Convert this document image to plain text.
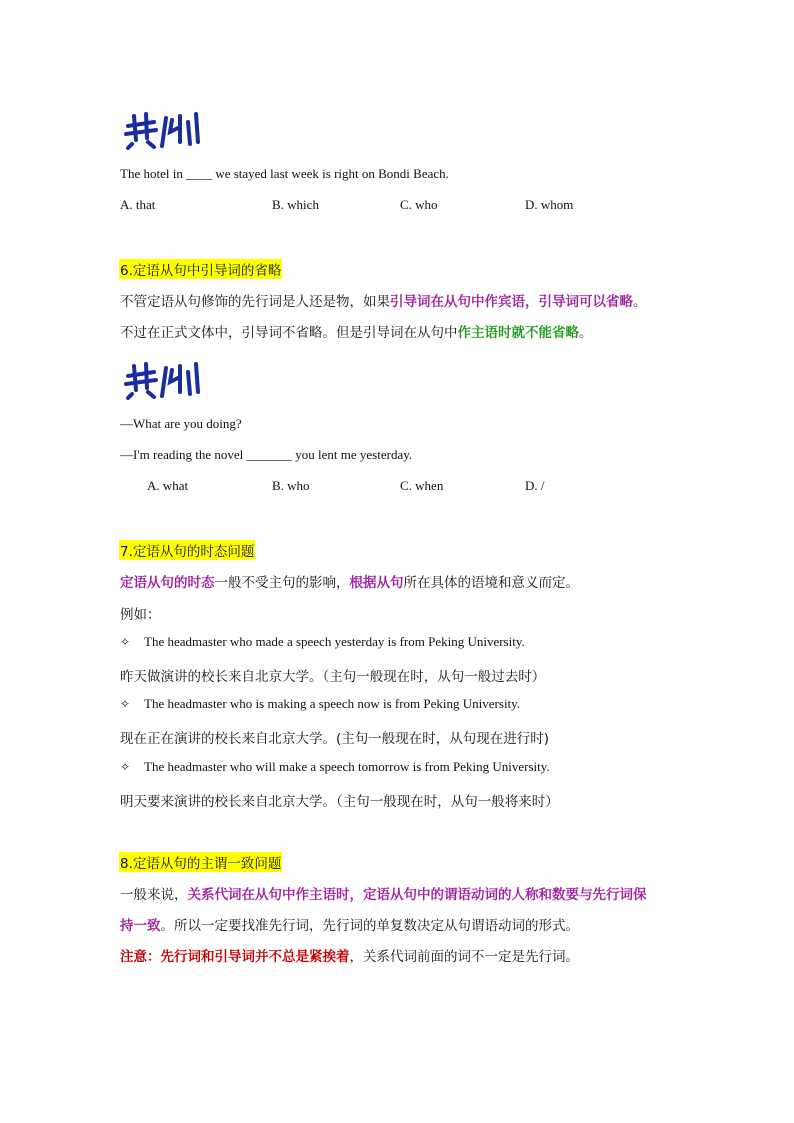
The hotel in ____ we stayed last week is right on Bondi Beach.
A. that	B. which	C. who	D. whom
6.定语从句中引导词的省略
不管定语从句修饰的先行词是人还是物，如果引导词在从句中作宾语，引导词可以省略。
不过在正式文体中，引导词不省略。但是引导词在从句中作主语时就不能省略。
—What are you doing?
—I'm reading the novel _______ you lent me yesterday.
A. what	B. who	C. when	D. /
7.定语从句的时态问题
定语从句的时态一般不受主句的影响，根据从句所在具体的语境和意义而定。
例如：
✧ The headmaster who made a speech yesterday is from Peking University.
昨天做演讲的校长来自北京大学。（主句一般现在时，从句一般过去时）
✧ The headmaster who is making a speech now is from Peking University.
现在正在演讲的校长来自北京大学。(主句一般现在时，从句现在进行时)
✧ The headmaster who will make a speech tomorrow is from Peking University.
明天要来演讲的校长来自北京大学。（主句一般现在时，从句一般将来时）
8.定语从句的主谓一致问题
一般来说，关系代词在从句中作主语时，定语从句中的谓语动词的人称和数要与先行词保
持一致。所以一定要找准先行词，先行词的单复数决定从句谓语动词的形式。
注意：先行词和引导词并不总是紧挨着，关系代词前面的词不一定是先行词。
